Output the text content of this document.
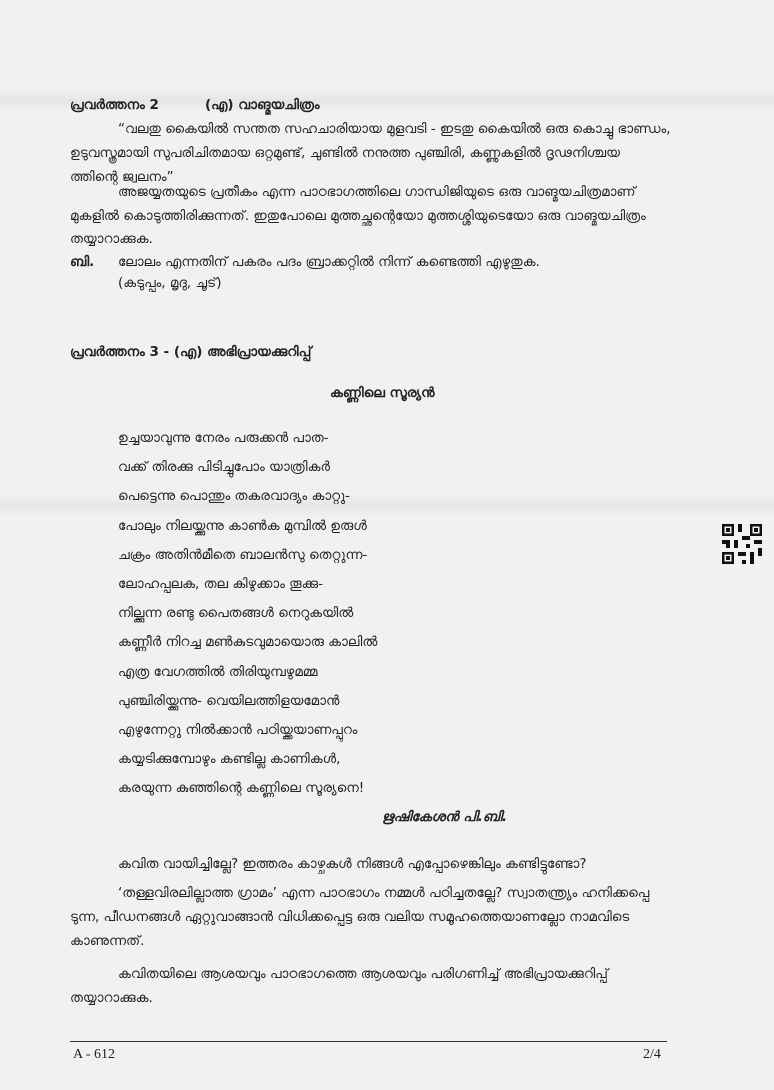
പ്രവർത്തനം 2	(എ) വാങ്മയചിത്രം
“വലതു കൈയിൽ സന്തത സഹചാരിയായ മുളവടി - ഇടതു കൈയിൽ ഒരു കൊച്ചു ഭാണ്ഡം,
ഉടുവസ്ത്രമായി സുപരിചിതമായ ഒറ്റമുണ്ട്, ചുണ്ടിൽ നനുത്ത പുഞ്ചിരി, കണ്ണുകളിൽ ദൃഢനിശ്ചയ
ത്തിന്റെ ജ്വലനം”
അജയ്യതയുടെ പ്രതീകം എന്ന പാഠഭാഗത്തിലെ ഗാന്ധിജിയുടെ ഒരു വാങ്മയചിത്രമാണ്
മുകളിൽ കൊടുത്തിരിക്കുന്നത്. ഇതുപോലെ മുത്തച്ഛന്റെയോ മുത്തശ്ശിയുടെയോ ഒരു വാങ്മയചിത്രം
തയ്യാറാക്കുക.
ബി. ലോലം എന്നതിന് പകരം പദം ബ്രാക്കറ്റിൽ നിന്ന് കണ്ടെത്തി എഴുതുക.
(കടുപ്പം, മൃദു, ചൂട്)
പ്രവർത്തനം 3 - (എ) അഭിപ്രായക്കുറിപ്പ്
കണ്ണിലെ സൂര്യൻ
ഉച്ചയാവുന്നു നേരം പരുക്കൻ പാത-
വക്ക് തിരക്കു പിടിച്ചുപോം യാത്രികർ
പെട്ടെന്നു പൊന്തും തകരവാദ്യം കാറ്റു-
പോലും നിലയ്ക്കുന്നു കാൺക മുമ്പിൽ ഉരുൾ
ചക്രം അതിൻമീതെ ബാലൻസു തെറ്റുന്ന-
ലോഹപ്പലക, തല കിഴുക്കാം തൂക്കു-
നില്ക്കുന്ന രണ്ടു പൈതങ്ങൾ നെറുകയിൽ
കണ്ണീർ നിറച്ച മൺകുടവുമായൊരു കാലിൽ
എത്ര വേഗത്തിൽ തിരിയുമ്പഴുമമ്മ
പുഞ്ചിരിയ്ക്കുന്നു- വെയിലത്തിളയമോൻ
എഴുന്നേറ്റു നിൽക്കാൻ പഠിയ്ക്കയാണപ്പുറം
കയ്യടിക്കുമ്പോഴും കണ്ടില്ല കാണികൾ,
കരയുന്ന കുഞ്ഞിന്റെ കണ്ണിലെ സൂര്യനെ!
ഋഷികേശൻ പി.ബി.
കവിത വായിച്ചില്ലേ? ഇത്തരം കാഴ്ചകൾ നിങ്ങൾ എപ്പോഴെങ്കിലും കണ്ടിട്ടുണ്ടോ?
‘തള്ളവിരലില്ലാത്ത ഗ്രാമം’ എന്ന പാഠഭാഗം നമ്മൾ പഠിച്ചതല്ലേ? സ്വാതന്ത്ര്യം ഹനിക്കപ്പെ
ടുന്ന, പീഡനങ്ങൾ ഏറ്റുവാങ്ങാൻ വിധിക്കപ്പെട്ട ഒരു വലിയ സമൂഹത്തെയാണല്ലോ നാമവിടെ
കാണുന്നത്.
കവിതയിലെ ആശയവും പാഠഭാഗത്തെ ആശയവും പരിഗണിച്ച് അഭിപ്രായക്കുറിപ്പ്
തയ്യാറാക്കുക.
A - 612	2/4
